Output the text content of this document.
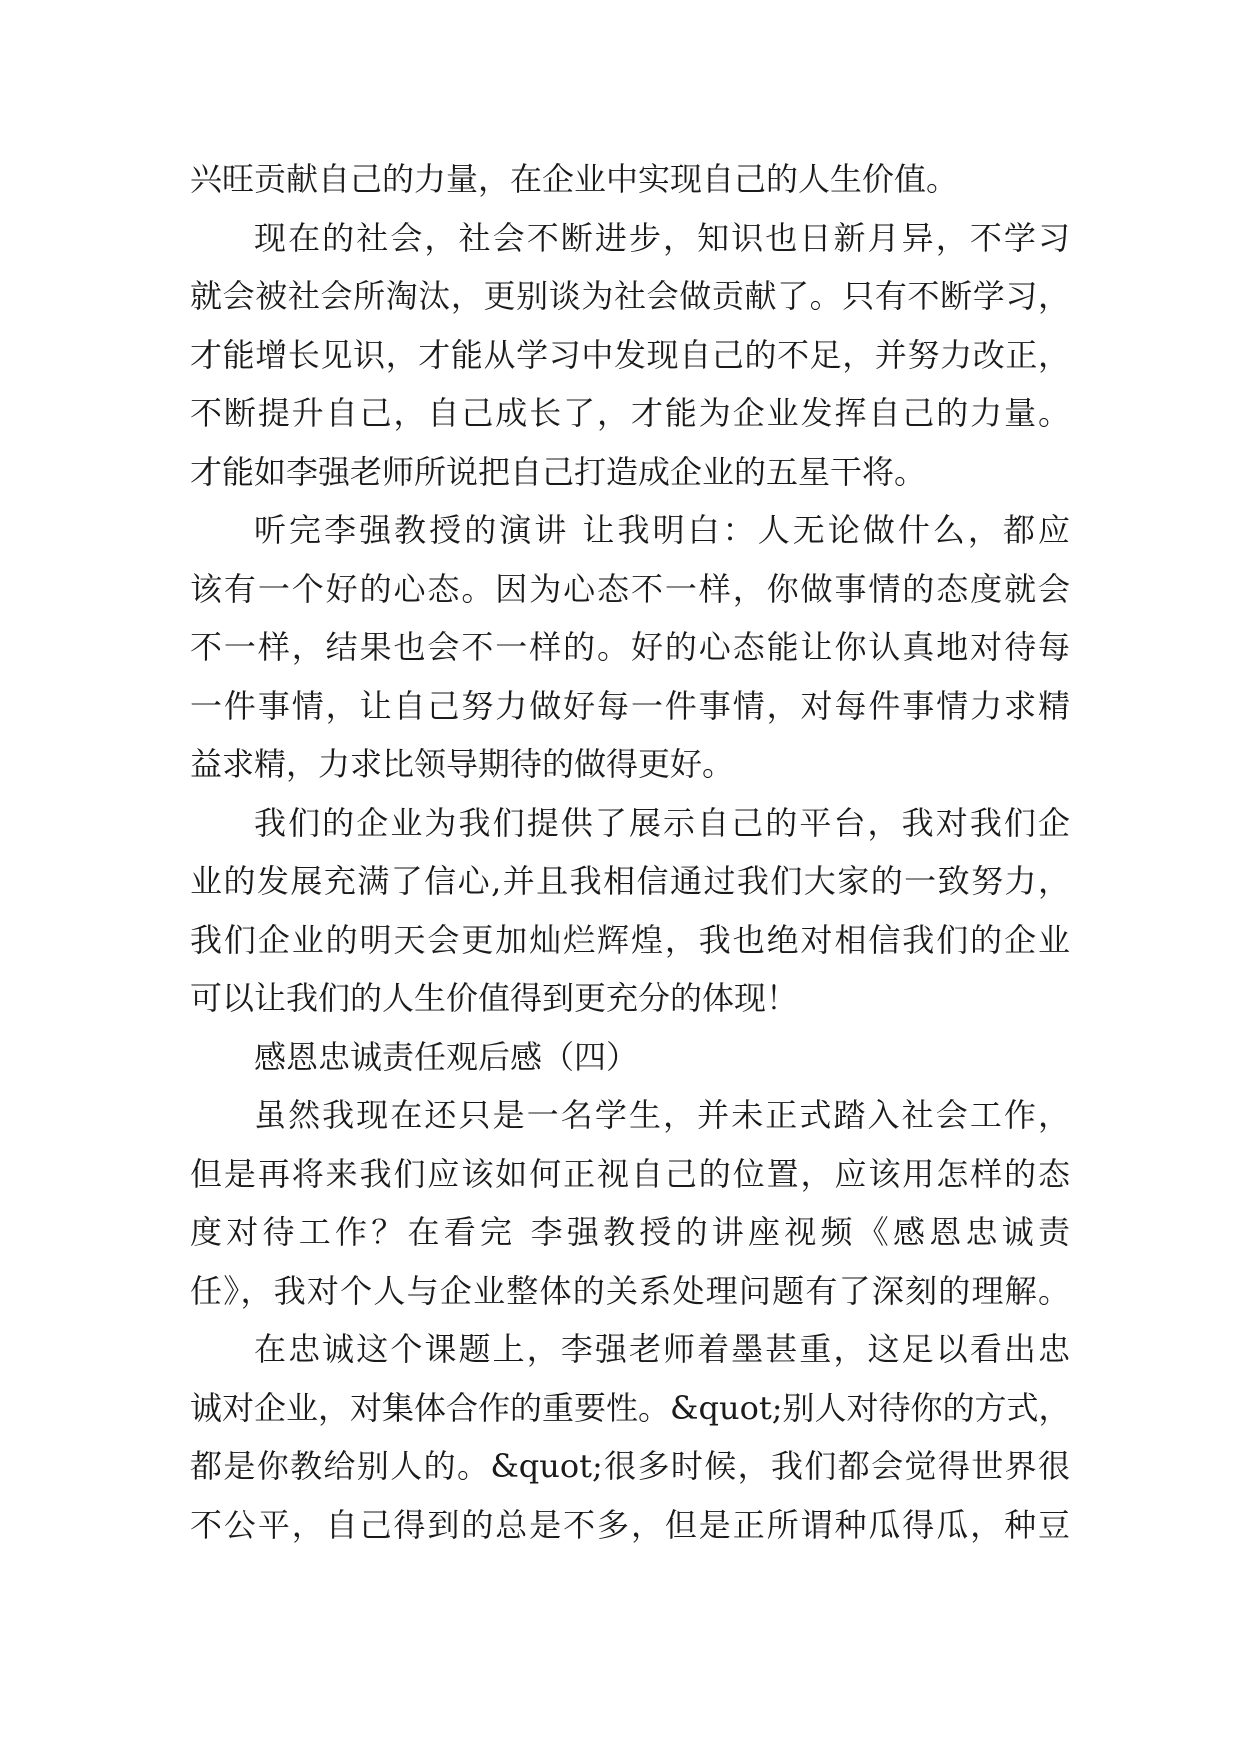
兴旺贡献自己的力量，在企业中实现自己的人生价值。
现在的社会，社会不断进步，知识也日新月异，不学习
就会被社会所淘汰，更别谈为社会做贡献了。只有不断学习，
才能增长见识，才能从学习中发现自己的不足，并努力改正，
不断提升自己，自己成长了，才能为企业发挥自己的力量。
才能如李强老师所说把自己打造成企业的五星干将。
听完李强教授的演讲 让我明白：人无论做什么，都应
该有一个好的心态。因为心态不一样，你做事情的态度就会
不一样，结果也会不一样的。好的心态能让你认真地对待每
一件事情，让自己努力做好每一件事情，对每件事情力求精
益求精，力求比领导期待的做得更好。
我们的企业为我们提供了展示自己的平台，我对我们企
业的发展充满了信心,并且我相信通过我们大家的一致努力，
我们企业的明天会更加灿烂辉煌，我也绝对相信我们的企业
可以让我们的人生价值得到更充分的体现！
感恩忠诚责任观后感（四）
虽然我现在还只是一名学生，并未正式踏入社会工作，
但是再将来我们应该如何正视自己的位置，应该用怎样的态
度对待工作？在看完 李强教授的讲座视频《感恩忠诚责
任》，我对个人与企业整体的关系处理问题有了深刻的理解。
在忠诚这个课题上，李强老师着墨甚重，这足以看出忠
诚对企业，对集体合作的重要性。&quot;别人对待你的方式，
都是你教给别人的。&quot;很多时候，我们都会觉得世界很
不公平，自己得到的总是不多，但是正所谓种瓜得瓜，种豆
